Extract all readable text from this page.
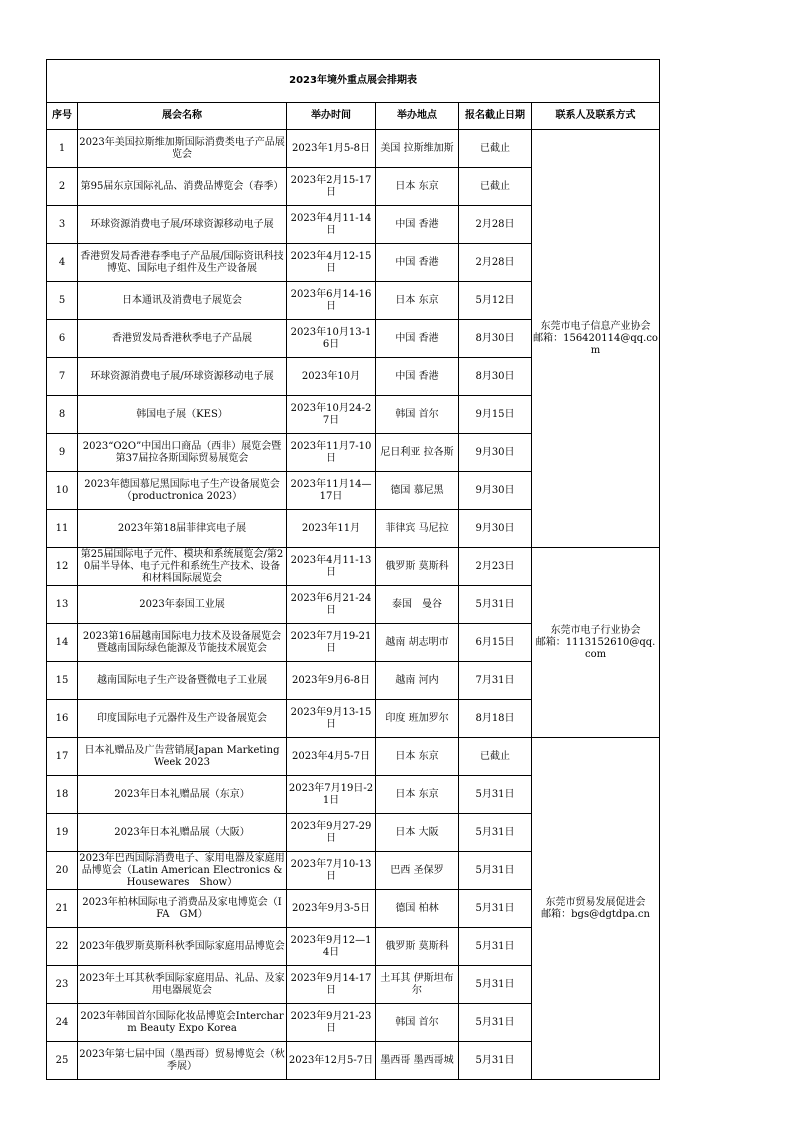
2023年境外重点展会排期表					
序号	展会名称	举办时间	举办地点	报名截止日期	联系人及联系方式
1	2023年美国拉斯维加斯国际消费类电子产品展览会	2023年1月5-8日	美国 拉斯维加斯	已截止	东莞市电子信息产业协会
邮箱：156420114@qq.com

2	第95届东京国际礼品、消费品博览会（春季）	2023年2月15-17日	日本 东京	已截止	
3	环球资源消费电子展/环球资源移动电子展	2023年4月11-14日	中国 香港	2月28日	
4	香港贸发局香港春季电子产品展/国际资讯科技博览、国际电子组件及生产设备展	2023年4月12-15日	中国 香港	2月28日	
5	日本通讯及消费电子展览会	2023年6月14-16日	日本 东京	5月12日	
6	香港贸发局香港秋季电子产品展	2023年10月13-16日	中国 香港	8月30日	
7	环球资源消费电子展/环球资源移动电子展	2023年10月	中国 香港	8月30日	
8	韩国电子展（KES）	2023年10月24-27日	韩国 首尔	9月15日	
9	2023“O2O”中国出口商品（西非）展览会暨第37届拉各斯国际贸易展览会	2023年11月7-10日	尼日利亚 拉各斯	9月30日	
10	2023年德国慕尼黑国际电子生产设备展览会（productronica 2023）	2023年11月14—17日	德国 慕尼黑	9月30日	
11	2023年第18届菲律宾电子展	2023年11月	菲律宾 马尼拉	9月30日	
12	第25届国际电子元件、模块和系统展览会/第20届半导体、电子元件和系统生产技术、设备和材料国际展览会	2023年4月11-13日	俄罗斯 莫斯科	2月23日	东莞市电子行业协会
邮箱：1113152610@qq.com

13	2023年泰国工业展	2023年6月21-24日	泰国　曼谷	5月31日	
14	2023第16届越南国际电力技术及设备展览会暨越南国际绿色能源及节能技术展览会	2023年7月19-21日	越南 胡志明市	6月15日	
15	越南国际电子生产设备暨微电子工业展	2023年9月6-8日	越南 河内	7月31日	
16	印度国际电子元器件及生产设备展览会	2023年9月13-15日	印度 班加罗尔	8月18日	
17	日本礼赠品及广告营销展Japan Marketing Week 2023	2023年4月5-7日	日本 东京	已截止	东莞市贸易发展促进会
邮箱：bgs@dgtdpa.cn

18	2023年日本礼赠品展（东京）	2023年7月19日-21日	日本 东京	5月31日	
19	2023年日本礼赠品展（大阪）	2023年9月27-29日	日本 大阪	5月31日	
20	2023年巴西国际消费电子、家用电器及家庭用品博览会（Latin American Electronics & Housewares　Show）	2023年7月10-13日	巴西 圣保罗	5月31日	
21	2023年柏林国际电子消费品及家电博览会（IFA　GM）	2023年9月3-5日	德国 柏林	5月31日	
22	2023年俄罗斯莫斯科秋季国际家庭用品博览会	2023年9月12—14日	俄罗斯 莫斯科	5月31日	
23	2023年土耳其秋季国际家庭用品、礼品、及家用电器展览会	2023年9月14-17日	土耳其 伊斯坦布尔	5月31日	
24	2023年韩国首尔国际化妆品博览会Intercharm Beauty Expo Korea	2023年9月21-23日	韩国 首尔	5月31日	
25	2023年第七届中国（墨西哥）贸易博览会（秋季展）	2023年12月5-7日	墨西哥 墨西哥城	5月31日	
